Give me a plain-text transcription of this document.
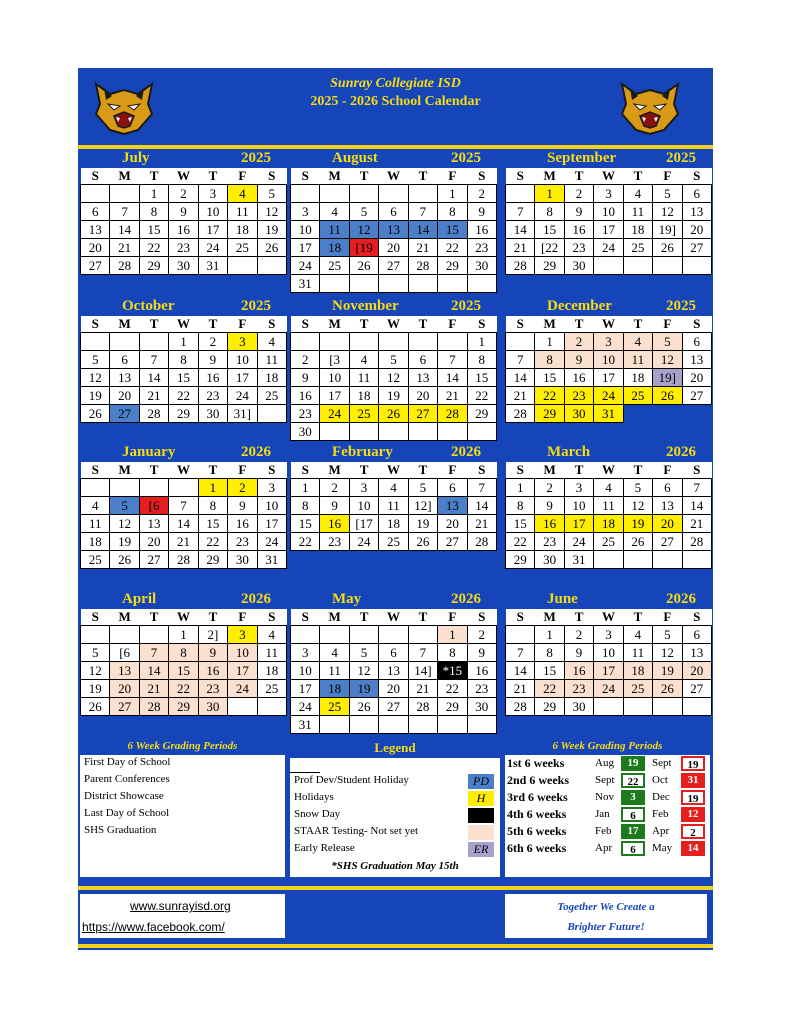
Sunray Collegiate ISD
2025 - 2026 School Calendar
July	2025
S	M	T	W	T	F	S
		1	2	3	4	5
6	7	8	9	10	11	12
13	14	15	16	17	18	19
20	21	22	23	24	25	26
27	28	29	30	31		
August	2025
S	M	T	W	T	F	S
					1	2
3	4	5	6	7	8	9
10	11	12	13	14	15	16
17	18	[19	20	21	22	23
24	25	26	27	28	29	30
31						
September	2025
S	M	T	W	T	F	S
	1	2	3	4	5	6
7	8	9	10	11	12	13
14	15	16	17	18	19]	20
21	[22	23	24	25	26	27
28	29	30				
October	2025
S	M	T	W	T	F	S
			1	2	3	4
5	6	7	8	9	10	11
12	13	14	15	16	17	18
19	20	21	22	23	24	25
26	27	28	29	30	31]	
November	2025
S	M	T	W	T	F	S
						1
2	[3	4	5	6	7	8
9	10	11	12	13	14	15
16	17	18	19	20	21	22
23	24	25	26	27	28	29
30						
December	2025
S	M	T	W	T	F	S
	1	2	3	4	5	6
7	8	9	10	11	12	13
14	15	16	17	18	19]	20
21	22	23	24	25	26	27
28	29	30	31			
January	2026
S	M	T	W	T	F	S
				1	2	3
4	5	[6	7	8	9	10
11	12	13	14	15	16	17
18	19	20	21	22	23	24
25	26	27	28	29	30	31
February	2026
S	M	T	W	T	F	S
1	2	3	4	5	6	7
8	9	10	11	12]	13	14
15	16	[17	18	19	20	21
22	23	24	25	26	27	28
March	2026
S	M	T	W	T	F	S
1	2	3	4	5	6	7
8	9	10	11	12	13	14
15	16	17	18	19	20	21
22	23	24	25	26	27	28
29	30	31				
April	2026
S	M	T	W	T	F	S
			1	2]	3	4
5	[6	7	8	9	10	11
12	13	14	15	16	17	18
19	20	21	22	23	24	25
26	27	28	29	30		
May	2026
S	M	T	W	T	F	S
					1	2
3	4	5	6	7	8	9
10	11	12	13	14]	*15	16
17	18	19	20	21	22	23
24	25	26	27	28	29	30
31						
June	2026
S	M	T	W	T	F	S
	1	2	3	4	5	6
7	8	9	10	11	12	13
14	15	16	17	18	19	20
21	22	23	24	25	26	27
28	29	30				
6 Week Grading Periods
First Day of School
Parent Conferences
District Showcase
Last Day of School
SHS Graduation
Legend
Prof Dev/Student Holiday	PD
Holidays	H
Snow Day
STAAR Testing- Not set yet
Early Release	ER
*SHS Graduation May 15th
6 Week Grading Periods
1st 6 weeks	Aug	19	Sept	19
2nd 6 weeks Sept	22	Oct	31
3rd 6 weeks Nov	3	Dec	19
4th 6 weeks	Jan	6	Feb	12
5th 6 weeks	Feb	17	Apr	2
6th 6 weeks	Apr	6	May	14
www.sunrayisd.org
https://www.facebook.com/
Together We Create a
Brighter Future!
